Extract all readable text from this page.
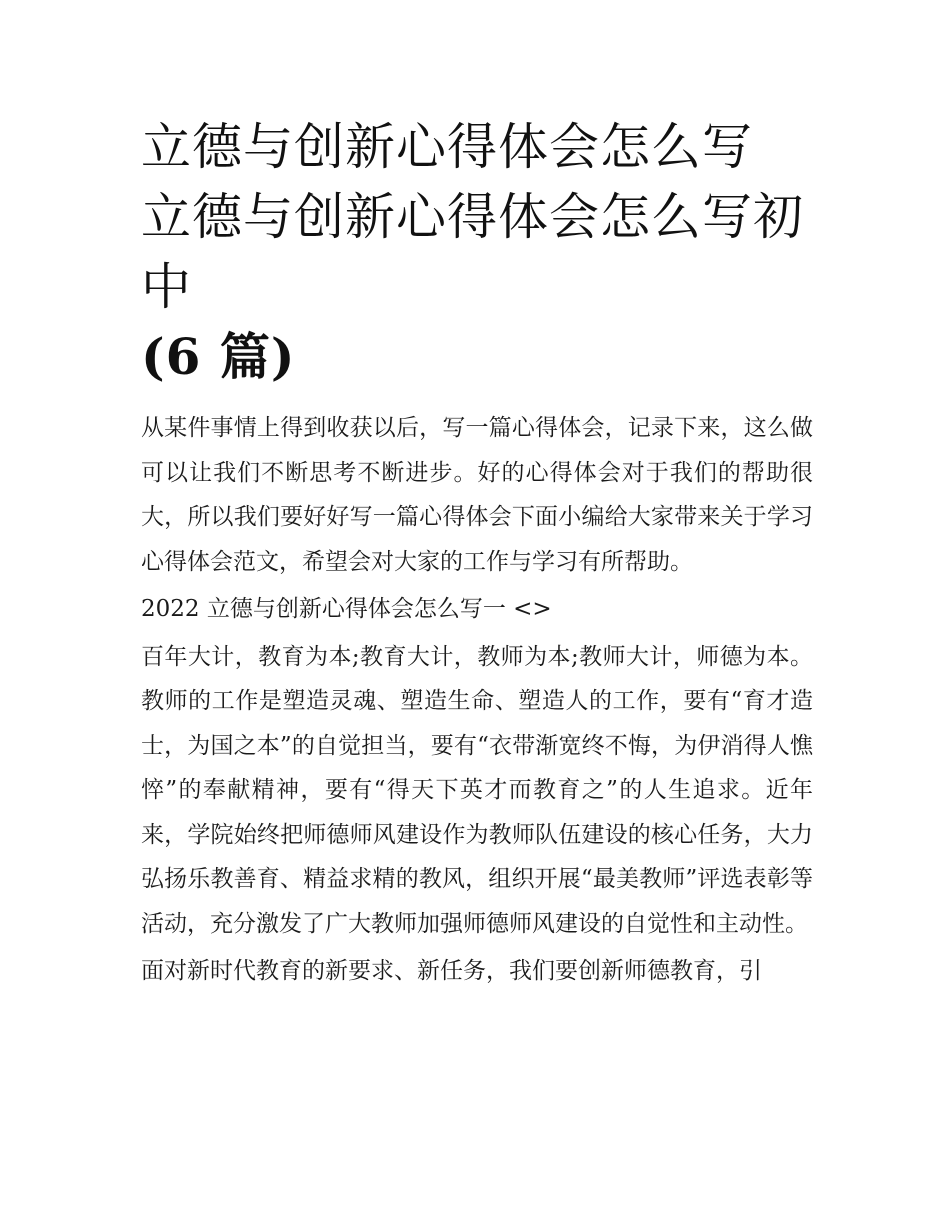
立德与创新心得体会怎么写 立德与创新心得体会怎么写初中
(6 篇)

从某件事情上得到收获以后，写一篇心得体会，记录下来，这么做可以让我们不断思考不断进步。好的心得体会对于我们的帮助很大，所以我们要好好写一篇心得体会下面小编给大家带来关于学习心得体会范文，希望会对大家的工作与学习有所帮助。

2022 立德与创新心得体会怎么写一 <>

百年大计，教育为本;教育大计，教师为本;教师大计，师德为本。教师的工作是塑造灵魂、塑造生命、塑造人的工作，要有“育才造士，为国之本”的自觉担当，要有“衣带渐宽终不悔，为伊消得人憔悴”的奉献精神，要有“得天下英才而教育之”的人生追求。近年来，学院始终把师德师风建设作为教师队伍建设的核心任务，大力弘扬乐教善育、精益求精的教风，组织开展“最美教师”评选表彰等活动，充分激发了广大教师加强师德师风建设的自觉性和主动性。

面对新时代教育的新要求、新任务，我们要创新师德教育，引
